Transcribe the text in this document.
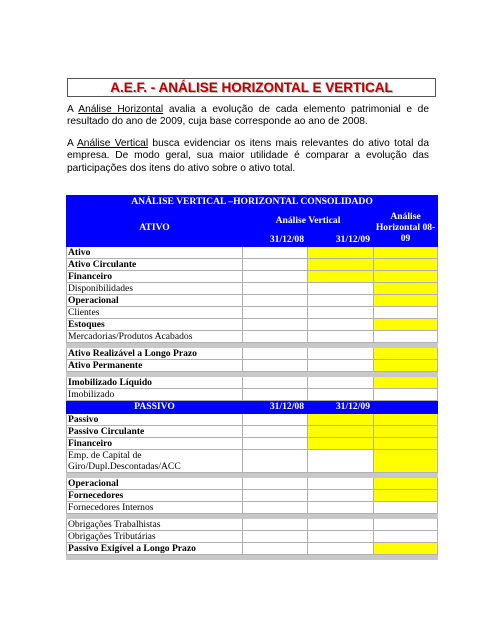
A.E.F. - ANÁLISE HORIZONTAL E VERTICAL
A Análise Horizontal avalia a evolução de cada elemento patrimonial e de resultado do ano de 2009, cuja base corresponde ao ano de 2008.
A Análise Vertical busca evidenciar os itens mais relevantes do ativo total da empresa. De modo geral, sua maior utilidade é comparar a evolução das participações dos itens do ativo sobre o ativo total.
ANÁLISE VERTICAL –HORIZONTAL CONSOLIDADO			
ATIVO	Análise Vertical		Análise Horizontal 08-09
	31/12/08	31/12/09	
Ativo			
Ativo Circulante			
Financeiro			
Disponibilidades			
Operacional			
Clientes			
Estoques			
Mercadorias/Produtos Acabados			

Ativo Realizável a Longo Prazo			
Ativo Permanente			

Imobilizado Líquido			
Imobilizado			
PASSIVO	31/12/08	31/12/09	
Passivo			
Passivo Circulante			
Financeiro			
Emp. de Capital de Giro/Dupl.Descontadas/ACC			

Operacional			
Fornecedores			
Fornecedores Internos			

Obrigações Trabalhistas			
Obrigações Tributárias			
Passivo Exigível a Longo Prazo			
